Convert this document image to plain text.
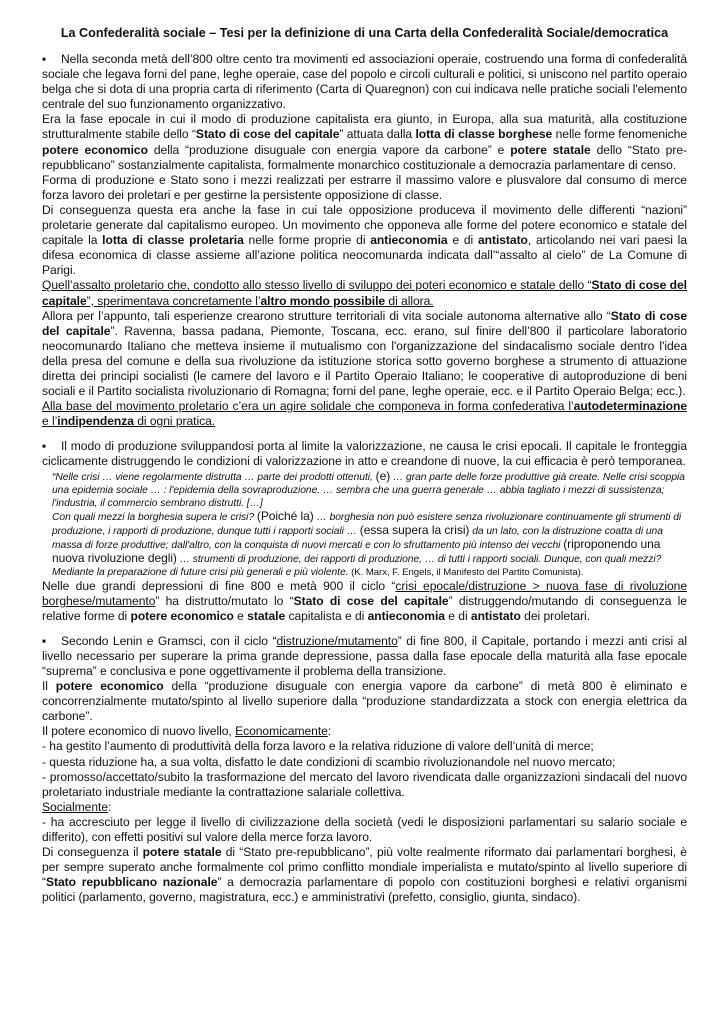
La Confederalità sociale – Tesi per la definizione di una Carta della Confederalità Sociale/democratica

▪ Nella seconda metà dell’800 oltre cento tra movimenti ed associazioni operaie, costruendo una forma di confederalità sociale che legava forni del pane, leghe operaie, case del popolo e circoli culturali e politici, si uniscono nel partito operaio belga che si dota di una propria carta di riferimento (Carta di Quaregnon) con cui indicava nelle pratiche sociali l'elemento centrale del suo funzionamento organizzativo.

Era la fase epocale in cui il modo di produzione capitalista era giunto, in Europa, alla sua maturità, alla costituzione strutturalmente stabile dello “Stato di cose del capitale” attuata dalla lotta di classe borghese nelle forme fenomeniche potere economico della “produzione disuguale con energia vapore da carbone” e potere statale dello “Stato pre-repubblicano” sostanzialmente capitalista, formalmente monarchico costituzionale a democrazia parlamentare di censo.

Forma di produzione e Stato sono i mezzi realizzati per estrarre il massimo valore e plusvalore dal consumo di merce forza lavoro dei proletari e per gestirne la persistente opposizione di classe.

Di conseguenza questa era anche la fase in cui tale opposizione produceva il movimento delle differenti “nazioni” proletarie generate dal capitalismo europeo. Un movimento che opponeva alle forme del potere economico e statale del capitale la lotta di classe proletaria nelle forme proprie di antieconomia e di antistato, articolando nei vari paesi la difesa economica di classe assieme all’azione politica neocomunarda indicata dall’“assalto al cielo” de La Comune di Parigi.

Quell’assalto proletario che, condotto allo stesso livello di sviluppo dei poteri economico e statale dello “Stato di cose del capitale”, sperimentava concretamente l’altro mondo possibile di allora.

Allora per l’appunto, tali esperienze crearono strutture territoriali di vita sociale autonoma alternative allo “Stato di cose del capitale”. Ravenna, bassa padana, Piemonte, Toscana, ecc. erano, sul finire dell’800 il particolare laboratorio neocomunardo Italiano che metteva insieme il mutualismo con l'organizzazione del sindacalismo sociale dentro l'idea della presa del comune e della sua rivoluzione da istituzione storica sotto governo borghese a strumento di attuazione diretta dei principi socialisti (le camere del lavoro e il Partito Operaio Italiano; le cooperative di autoproduzione di beni sociali e il Partito socialista rivoluzionario di Romagna; forni del pane, leghe operaie, ecc. e il Partito Operaio Belga; ecc.).

Alla base del movimento proletario c’era un agire solidale che componeva in forma confederativa l’autodeterminazione e l’indipendenza di ogni pratica.

▪ Il modo di produzione sviluppandosi porta al limite la valorizzazione, ne causa le crisi epocali. Il capitale le fronteggia ciclicamente distruggendo le condizioni di valorizzazione in atto e creandone di nuove, la cui efficacia è però temporanea.

“Nelle crisi … viene regolarmente distrutta … parte dei prodotti ottenuti, (e) … gran parte delle forze produttive già create. Nelle crisi scoppia una epidemia sociale … : l'epidemia della sovraproduzione. … sembra che una guerra generale … abbia tagliato i mezzi di sussistenza; l'industria, il commercio sembrano distrutti. […]
Con quali mezzi la borghesia supera le crisi? (Poiché la) … borghesia non può esistere senza rivoluzionare continuamente gli strumenti di produzione, i rapporti di produzione, dunque tutti i rapporti sociali … (essa supera la crisi) da un lato, con la distruzione coatta di una massa di forze produttive; dall'altro, con la conquista di nuovi mercati e con lo sfruttamento più intenso dei vecchi (riproponendo una nuova rivoluzione degli) … strumenti di produzione, dei rapporti di produzione, … di tutti i rapporti sociali. Dunque, con quali mezzi? Mediante la preparazione di future crisi più generali e più violente. (K. Marx, F. Engels, il Manifesto del Partito Comunista).

Nelle due grandi depressioni di fine 800 e metà 900 il ciclo “crisi epocale/distruzione > nuova fase di rivoluzione borghese/mutamento” ha distrutto/mutato lo “Stato di cose del capitale” distruggendo/mutando di conseguenza le relative forme di potere economico e statale capitalista e di antieconomia e di antistato dei proletari.

▪ Secondo Lenin e Gramsci, con il ciclo “distruzione/mutamento” di fine 800, il Capitale, portando i mezzi anti crisi al livello necessario per superare la prima grande depressione, passa dalla fase epocale della maturità alla fase epocale “suprema” e conclusiva e pone oggettivamente il problema della transizione.

Il potere economico della “produzione disuguale con energia vapore da carbone” di metà 800 è eliminato e concorrenzialmente mutato/spinto al livello superiore dalla “produzione standardizzata a stock con energia elettrica da carbone”.

Il potere economico di nuovo livello, Economicamente:

- ha gestito l’aumento di produttività della forza lavoro e la relativa riduzione di valore dell’unità di merce;

- questa riduzione ha, a sua volta, disfatto le date condizioni di scambio rivoluzionandole nel nuovo mercato;

- promosso/accettato/subito la trasformazione del mercato del lavoro rivendicata dalle organizzazioni sindacali del nuovo proletariato industriale mediante la contrattazione salariale collettiva.

Socialmente:

- ha accresciuto per legge il livello di civilizzazione della società (vedi le disposizioni parlamentari su salario sociale e differito), con effetti positivi sul valore della merce forza lavoro.

Di conseguenza il potere statale di “Stato pre-repubblicano”, più volte realmente riformato dai parlamentari borghesi, è per sempre superato anche formalmente col primo conflitto mondiale imperialista e mutato/spinto al livello superiore di “Stato repubblicano nazionale” a democrazia parlamentare di popolo con costituzioni borghesi e relativi organismi politici (parlamento, governo, magistratura, ecc.) e amministrativi (prefetto, consiglio, giunta, sindaco).
